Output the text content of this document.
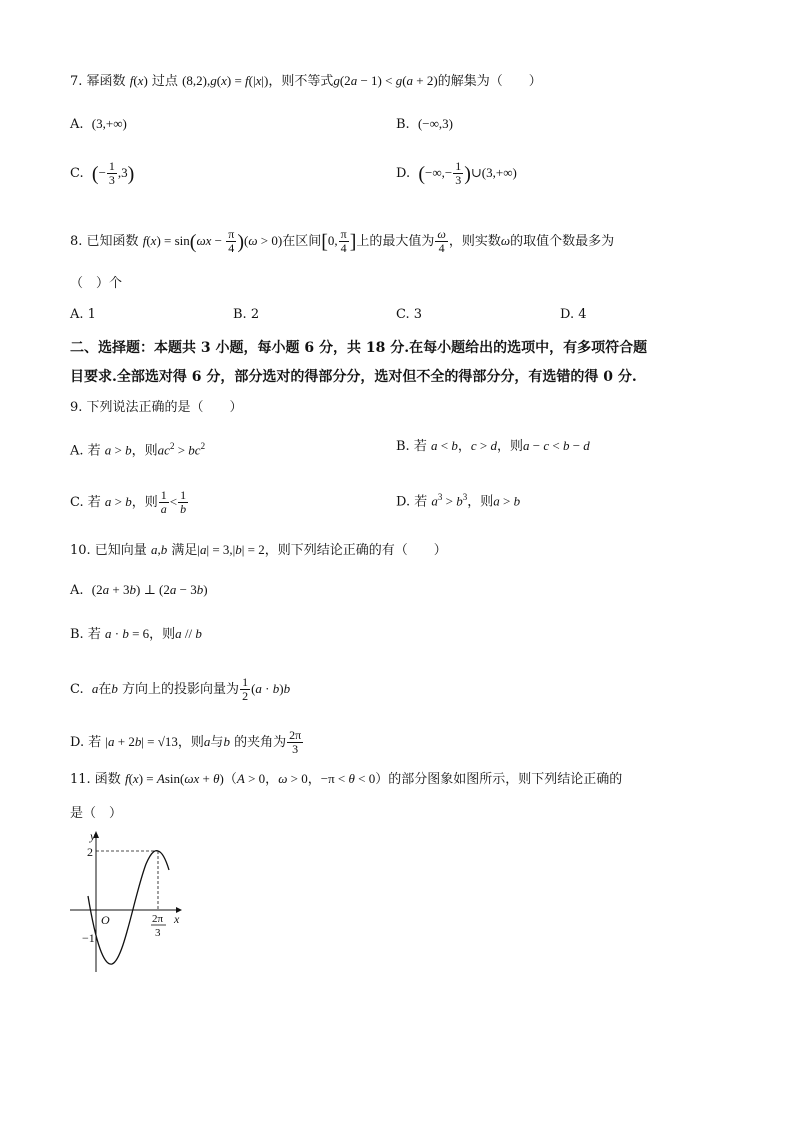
7. 幂函数 f(x) 过点 (8,2),g(x) = f(|x|)，则不等式g(2a − 1) < g(a + 2)的解集为（　　）
A. (3,+∞)	B. (−∞,3)
C. (− $\frac{1}{3} ,3$)	D. (−∞,− $\frac{1}{3}$ )∪(3,+∞)
8. 已知函数 $f(x) = \sin(\omega x - \frac{\pi}{4} )(\omega > 0)$在区间[0, $\frac{\pi}{4}$ ]上的最大值为 $\frac{\omega}{4}$ ，则实数ω的取值个数最多为
（　）个
A. 1	B. 2	C. 3	D. 4
二、选择题：本题共 3 小题，每小题 6 分，共 18 分.在每小题给出的选项中，有多项符合题
目要求.全部选对得 6 分，部分选对的得部分分，选对但不全的得部分分，有选错的得 0 分.
9. 下列说法正确的是（　　）
A. 若 a > b，则$ac^2 > bc^2$	B. 若 a < b，c > d，则a − c < b − d
C. 若 a > b，则 $\frac{1}{a} < \frac{1}{b}$	D. 若 $a^3 > b^3$，则a > b
10. 已知向量 a,b 满足|a| = 3,|b| = 2，则下列结论正确的有（　　）
A. (2a + 3b) ⊥ (2a − 3b)
B. 若 a · b = 6，则a // b
C. a在b 方向上的投影向量为 $\frac{1}{2} (a \cdot b)b$
D. 若 |a + 2b| = √13，则a与b 的夹角为 $\frac{2\pi}{3}$
11. 函数 f(x) = Asin(ωx + θ)（A > 0，ω > 0，−π < θ < 0）的部分图象如图所示，则下列结论正确的
是（　）
y
x
O
2
−1
2π
3
